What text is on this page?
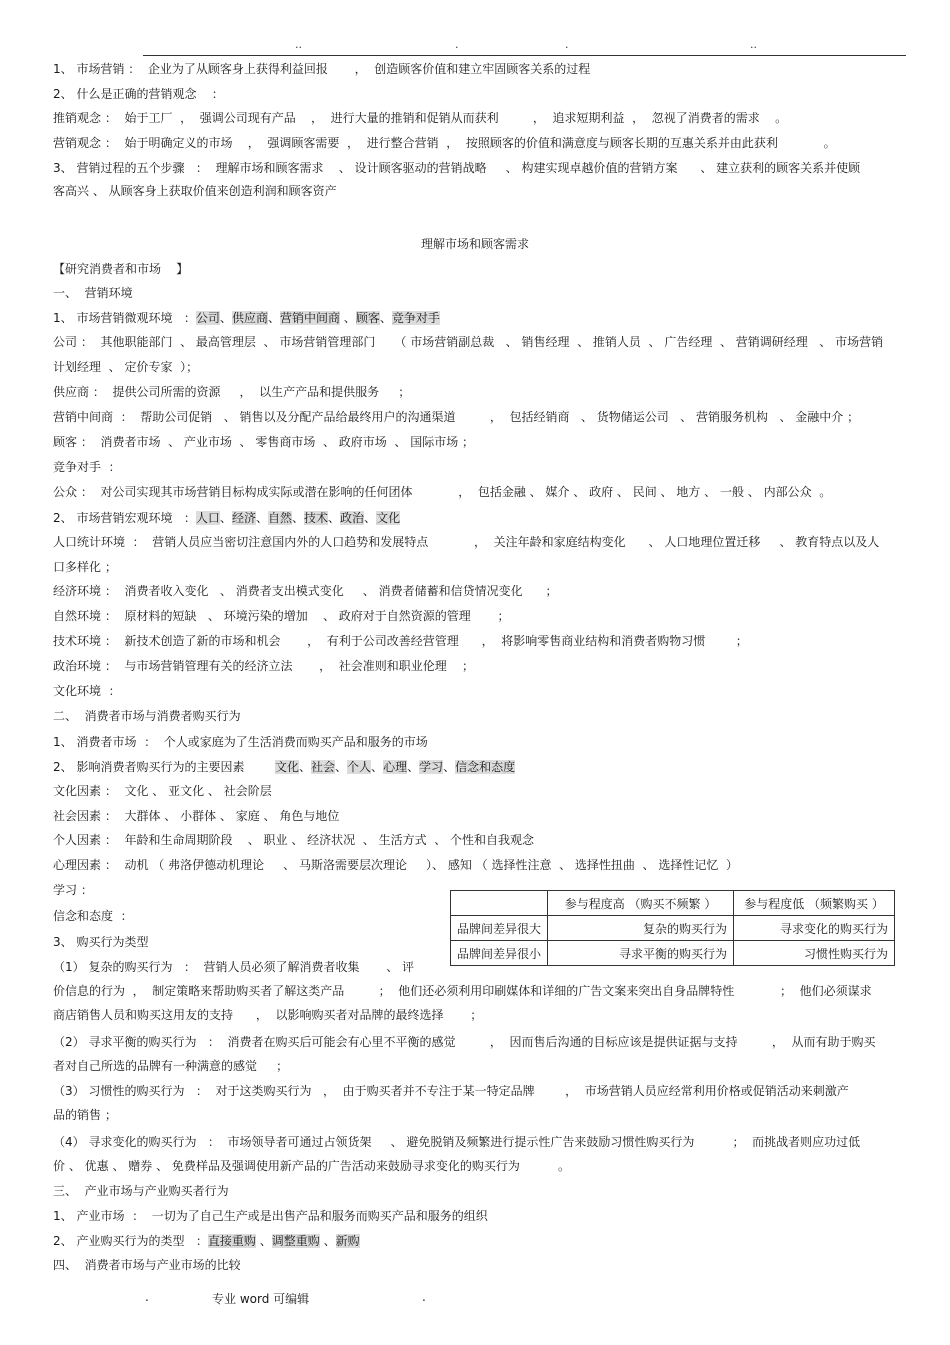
..	.	.	..
1、 市场营销 ：  企业为了从顾客身上获得利益回报       ，  创造顾客价值和建立牢固顾客关系的过程
2、 什么是正确的营销观念    ：
推销观念 ：  始于工厂  ，  强调公司现有产品    ，  进行大量的推销和促销从而获利         ，  追求短期利益  ，  忽视了消费者的需求    。
营销观念 ：  始于明确定义的市场    ，  强调顾客需要  ，  进行整合营销  ，  按照顾客的价值和满意度与顾客长期的互惠关系并由此获利            。
3、 营销过程的五个步骤   ：  理解市场和顾客需求    、 设计顾客驱动的营销战略     、 构建实现卓越价值的营销方案      、 建立获利的顾客关系并使顾
客高兴 、 从顾客身上获取价值来创造利润和顾客资产
理解市场和顾客需求
【研究消费者和市场    】
一、  营销环境
1、 市场营销微观环境   ：公司、供应商、营销中间商 、顾客、竞争对手
公司 ：  其他职能部门  、 最高管理层  、 市场营销管理部门     （ 市场营销副总裁   、 销售经理  、 推销人员  、 广告经理  、 营销调研经理   、 市场营销
计划经理  、 定价专家  ）；
供应商 ：  提供公司所需的资源     ，  以生产产品和提供服务     ；
营销中间商  ：  帮助公司促销   、 销售以及分配产品给最终用户的沟通渠道         ，  包括经销商   、 货物储运公司   、 营销服务机构   、 金融中介 ；
顾客 ：  消费者市场  、 产业市场  、 零售商市场  、 政府市场  、 国际市场 ；
竞争对手  ：
公众 ：  对公司实现其市场营销目标构成实际或潜在影响的任何团体            ，  包括金融 、 媒介 、 政府 、 民间 、 地方 、 一般 、 内部公众  。
2、 市场营销宏观环境   ：人口、经济、自然、技术、政治、文化
人口统计环境  ：  营销人员应当密切注意国内外的人口趋势和发展特点            ，  关注年龄和家庭结构变化      、 人口地理位置迁移     、 教育特点以及人
口多样化 ；
经济环境 ：  消费者收入变化   、 消费者支出模式变化     、 消费者储蓄和信贷情况变化      ；
自然环境 ：  原材料的短缺   、 环境污染的增加    、 政府对于自然资源的管理       ；
技术环境 ：  新技术创造了新的市场和机会       ，  有利于公司改善经营管理      ，  将影响零售商业结构和消费者购物习惯        ；
政治环境 ：  与市场营销管理有关的经济立法       ，  社会准则和职业伦理    ；
文化环境  ：
二、  消费者市场与消费者购买行为
1、 消费者市场  ：  个人或家庭为了生活消费而购买产品和服务的市场
2、 影响消费者购买行为的主要因素	文化、社会、个人、心理、学习、信念和态度
文化因素 ：  文化 、 亚文化 、 社会阶层
社会因素 ：  大群体 、 小群体 、 家庭 、 角色与地位
个人因素 ：  年龄和生命周期阶段    、 职业 、 经济状况  、 生活方式  、 个性和自我观念
心理因素 ：  动机 （ 弗洛伊德动机理论     、 马斯洛需要层次理论     ）、 感知 （ 选择性注意  、 选择性扭曲  、 选择性记忆  ）
学习 ：
信念和态度  ：
3、 购买行为类型
（1） 复杂的购买行为   ：  营销人员必须了解消费者收集       、 评
价信息的行为  ，  制定策略来帮助购买者了解这类产品         ；  他们还必须利用印刷媒体和详细的广告文案来突出自身品牌特性            ；  他们必须谋求
商店销售人员和购买这用友的支持      ，  以影响购买者对品牌的最终选择       ；
（2） 寻求平衡的购买行为   ：  消费者在购买后可能会有心里不平衡的感觉         ，  因而售后沟通的目标应该是提供证据与支持         ，  从而有助于购买
者对自己所选的品牌有一种满意的感觉     ；
（3） 习惯性的购买行为   ：  对于这类购买行为   ，  由于购买者并不专注于某一特定品牌        ，  市场营销人员应经常利用价格或促销活动来刺激产
品的销售 ；
（4） 寻求变化的购买行为   ：  市场领导者可通过占领货架     、 避免脱销及频繁进行提示性广告来鼓励习惯性购买行为          ；  而挑战者则应功过低
价 、 优惠 、 赠券 、 免费样品及强调使用新产品的广告活动来鼓励寻求变化的购买行为          。
三、  产业市场与产业购买者行为
1、 产业市场  ：  一切为了自己生产或是出售产品和服务而购买产品和服务的组织
2、 产业购买行为的类型   ：直接重购 、调整重购 、新购
四、  消费者市场与产业市场的比较
	参与程度高 （购买不频繁 ）	参与程度低 （频繁购买 ）
品牌间差异很大	复杂的购买行为	寻求变化的购买行为
品牌间差异很小	寻求平衡的购买行为	习惯性购买行为
.	专业 word 可编辑	.
